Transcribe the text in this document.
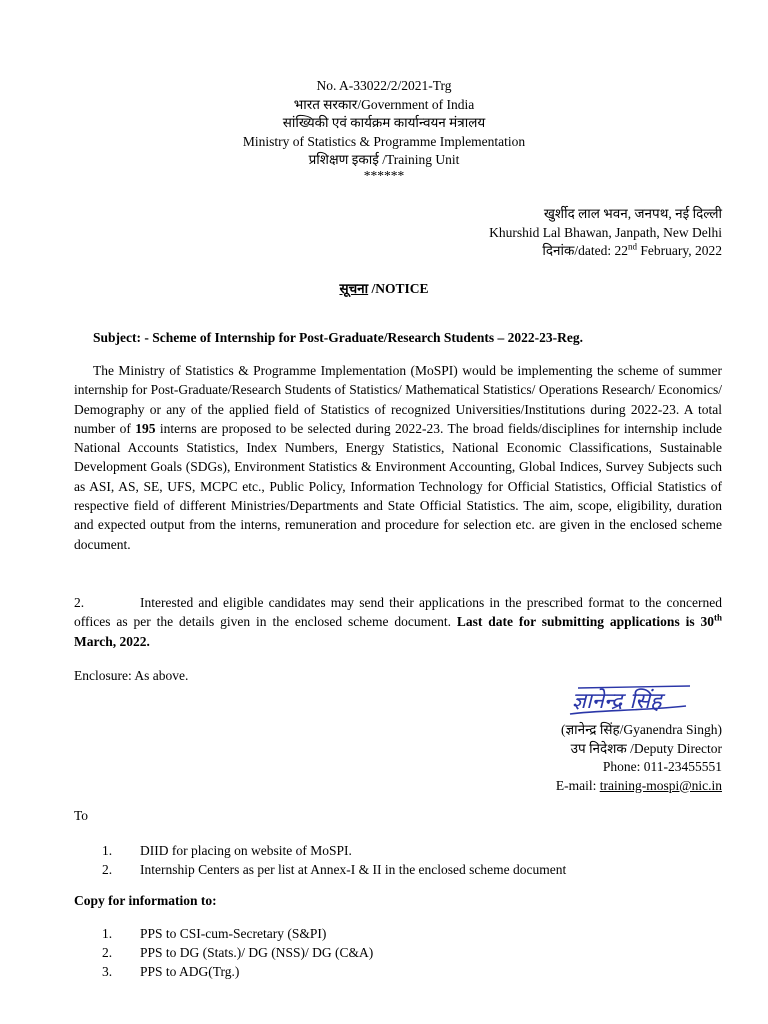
No. A-33022/2/2021-Trg
भारत सरकार/Government of India
सांख्यिकी एवं कार्यक्रम कार्यान्वयन मंत्रालय
Ministry of Statistics & Programme Implementation
प्रशिक्षण इकाई /Training Unit
******
खुर्शीद लाल भवन, जनपथ, नई दिल्ली
Khurshid Lal Bhawan, Janpath, New Delhi
दिनांक/dated: 22nd February, 2022
सूचना /NOTICE
Subject: - Scheme of Internship for Post-Graduate/Research Students – 2022-23-Reg.
The Ministry of Statistics & Programme Implementation (MoSPI) would be implementing the scheme of summer internship for Post-Graduate/Research Students of Statistics/ Mathematical Statistics/ Operations Research/ Economics/ Demography or any of the applied field of Statistics of recognized Universities/Institutions during 2022-23. A total number of 195 interns are proposed to be selected during 2022-23. The broad fields/disciplines for internship include National Accounts Statistics, Index Numbers, Energy Statistics, National Economic Classifications, Sustainable Development Goals (SDGs), Environment Statistics & Environment Accounting, Global Indices, Survey Subjects such as ASI, AS, SE, UFS, MCPC etc., Public Policy, Information Technology for Official Statistics, Official Statistics of respective field of different Ministries/Departments and State Official Statistics. The aim, scope, eligibility, duration and expected output from the interns, remuneration and procedure for selection etc. are given in the enclosed scheme document.
2.	Interested and eligible candidates may send their applications in the prescribed format to the concerned offices as per the details given in the enclosed scheme document. Last date for submitting applications is 30th March, 2022.
Enclosure: As above.
ज्ञानेन्द्र सिंह
(ज्ञानेन्द्र सिंह/Gyanendra Singh)
उप निदेशक /Deputy Director
Phone: 011-23455551
E-mail: training-mospi@nic.in
To
1.	DIID for placing on website of MoSPI.
2.	Internship Centers as per list at Annex-I & II in the enclosed scheme document
Copy for information to:
1.	PPS to CSI-cum-Secretary (S&PI)
2.	PPS to DG (Stats.)/ DG (NSS)/ DG (C&A)
3.	PPS to ADG(Trg.)
